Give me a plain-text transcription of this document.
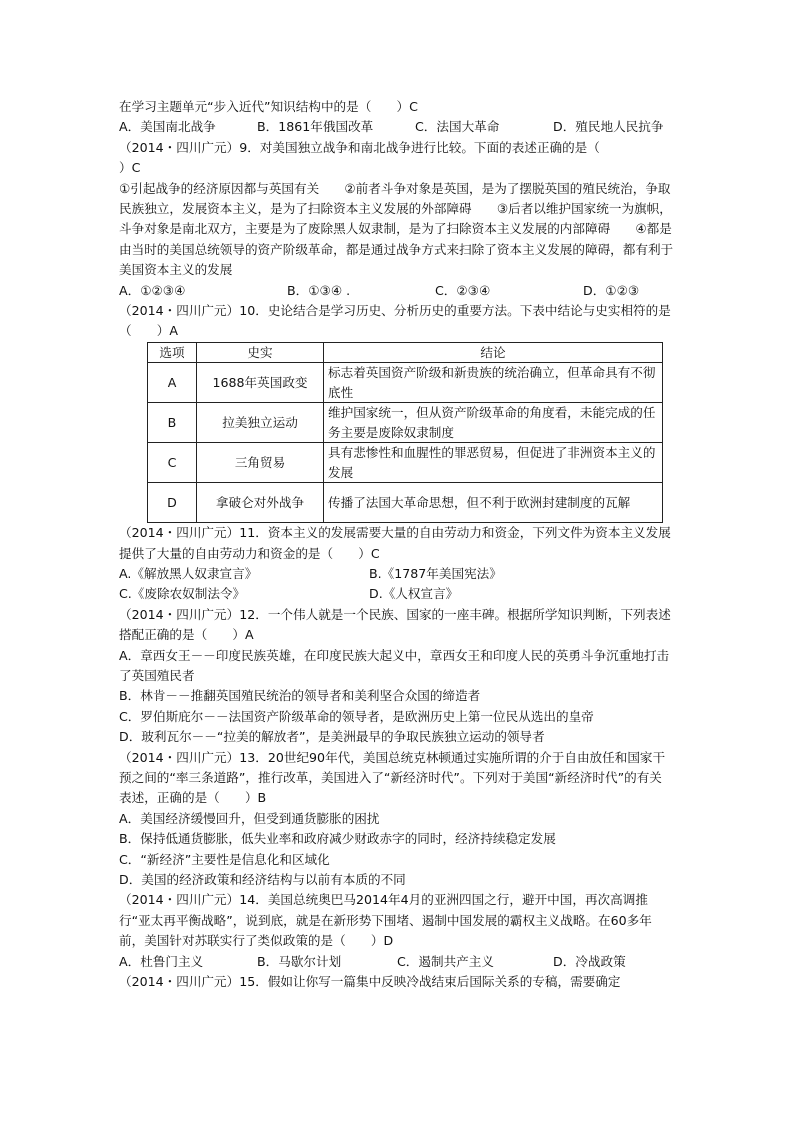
在学习主题单元“步入近代”知识结构中的是（　　）C
A．美国南北战争	B．1861年俄国改革	C．法国大革命	D．殖民地人民抗争
（2014・四川广元）9．对美国独立战争和南北战争进行比较。下面的表述正确的是（
）C
①引起战争的经济原因都与英国有关　　②前者斗争对象是英国，是为了摆脱英国的殖民统治，争取民族独立，发展资本主义，是为了扫除资本主义发展的外部障碍　　③后者以维护国家统一为旗帜，斗争对象是南北双方，主要是为了废除黑人奴隶制，是为了扫除资本主义发展的内部障碍　　④都是由当时的美国总统领导的资产阶级革命，都是通过战争方式来扫除了资本主义发展的障碍，都有利于美国资本主义的发展
A．①②③④	B．①③④ .	C．②③④	D．①②③
（2014・四川广元）10．史论结合是学习历史、分析历史的重要方法。下表中结论与史实相符的是（　　）A
选项	史实	结论
A	1688年英国政变	标志着英国资产阶级和新贵族的统治确立，但革命具有不彻底性
B	拉美独立运动	维护国家统一，但从资产阶级革命的角度看，未能完成的任务主要是废除奴隶制度
C	三角贸易	具有悲惨性和血腥性的罪恶贸易，但促进了非洲资本主义的发展
D	拿破仑对外战争	传播了法国大革命思想，但不利于欧洲封建制度的瓦解
（2014・四川广元）11．资本主义的发展需要大量的自由劳动力和资金，下列文件为资本主义发展提供了大量的自由劳动力和资金的是（　　）C
A.《解放黑人奴隶宣言》	B.《1787年美国宪法》
C.《废除农奴制法令》	D.《人权宣言》
（2014・四川广元）12．一个伟人就是一个民族、国家的一座丰碑。根据所学知识判断，下列表述搭配正确的是（　　）A
A．章西女王－－印度民族英雄，在印度民族大起义中，章西女王和印度人民的英勇斗争沉重地打击了英国殖民者
B．林肯－－推翻英国殖民统治的领导者和美利坚合众国的缔造者
C．罗伯斯庇尔－－法国资产阶级革命的领导者，是欧洲历史上第一位民从选出的皇帝
D．玻利瓦尔－－“拉美的解放者”，是美洲最早的争取民族独立运动的领导者
（2014・四川广元）13．20世纪90年代，美国总统克林顿通过实施所谓的介于自由放任和国家干预之间的“率三条道路”，推行改革，美国进入了“新经济时代”。下列对于美国“新经济时代”的有关表述，正确的是（　　）B
A．美国经济缓慢回升，但受到通货膨胀的困扰
B．保持低通货膨胀，低失业率和政府减少财政赤字的同时，经济持续稳定发展
C．“新经济”主要性是信息化和区域化
D．美国的经济政策和经济结构与以前有本质的不同
（2014・四川广元）14．美国总统奥巴马2014年4月的亚洲四国之行，避开中国，再次高调推行“亚太再平衡战略”，说到底，就是在新形势下围堵、遏制中国发展的霸权主义战略。在60多年前，美国针对苏联实行了类似政策的是（　　）D
A．杜鲁门主义	B．马歇尔计划	C．遏制共产主义	D．冷战政策
（2014・四川广元）15．假如让你写一篇集中反映冷战结束后国际关系的专稿，需要确定
